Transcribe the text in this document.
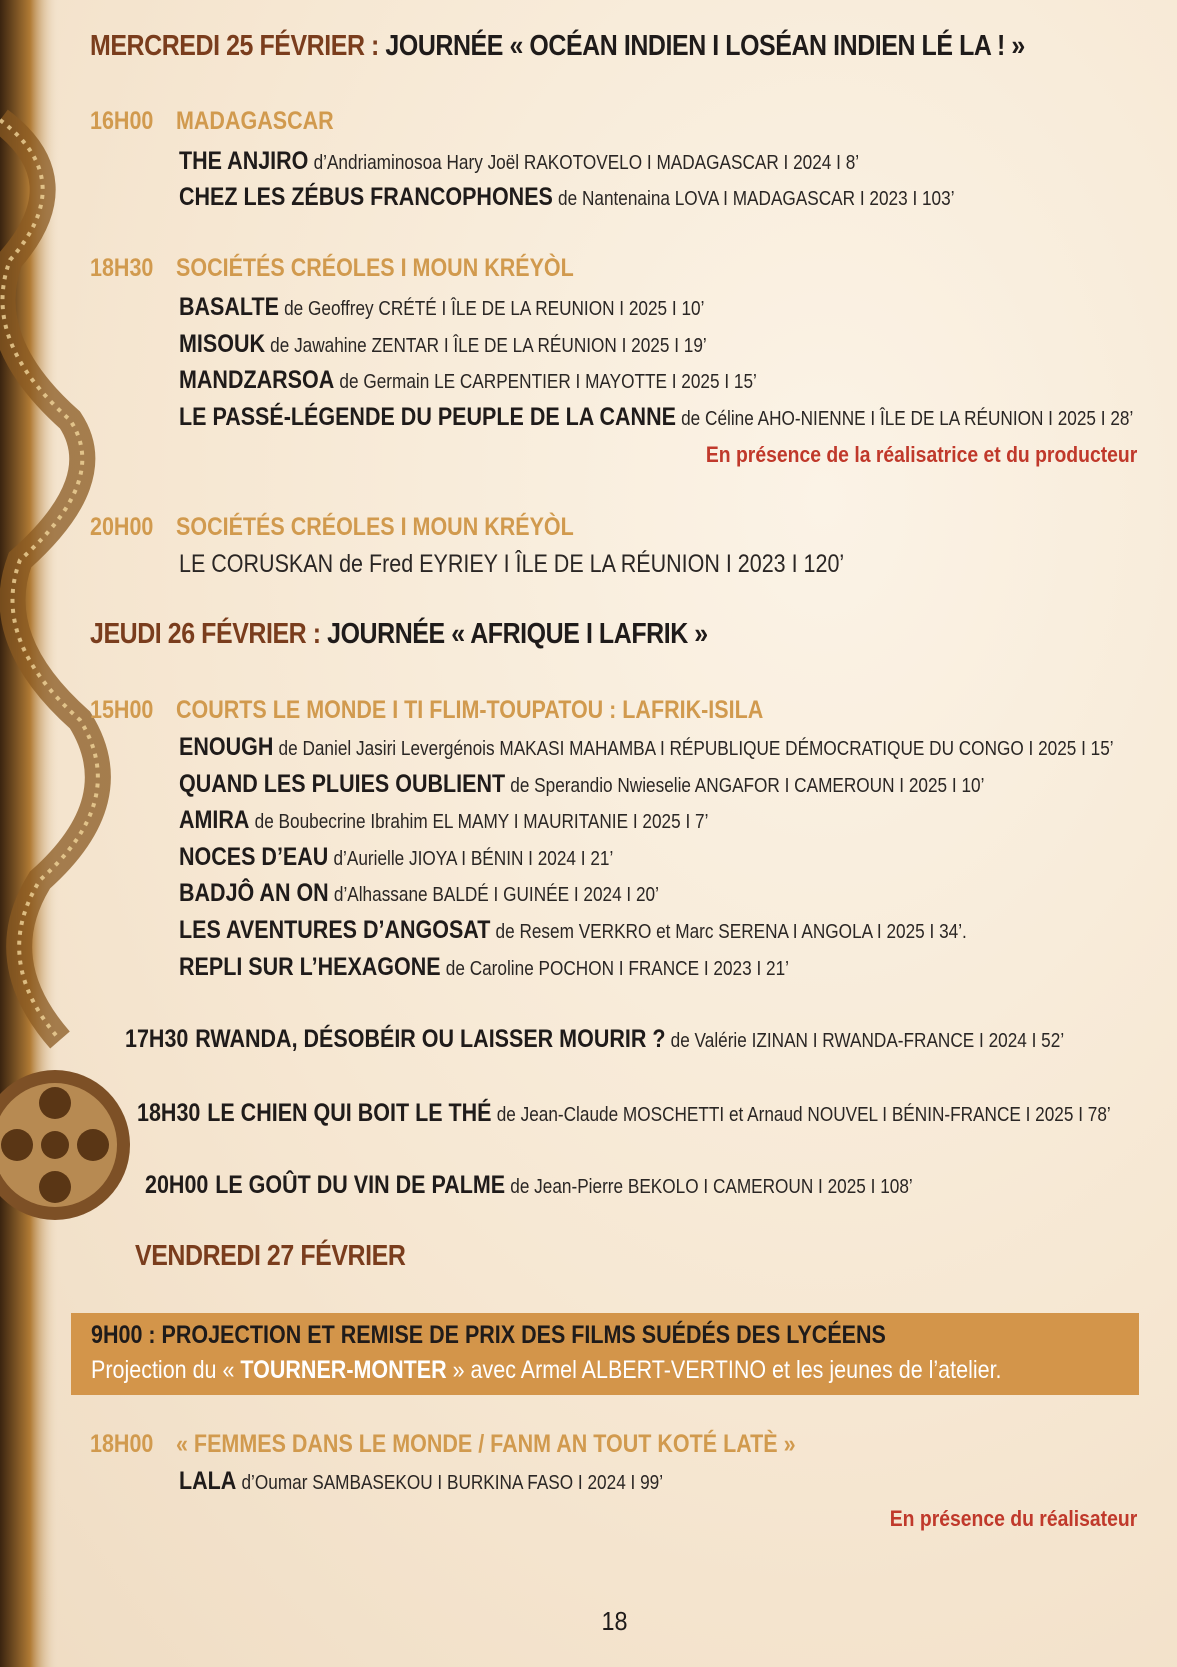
MERCREDI 25 FÉVRIER : JOURNÉE « OCÉAN INDIEN I LOSÉAN INDIEN LÉ LA ! »
16H00 MADAGASCAR
THE ANJIRO d’Andriaminosoa Hary Joël RAKOTOVELO I MADAGASCAR I 2024 I 8’
CHEZ LES ZÉBUS FRANCOPHONES de Nantenaina LOVA I MADAGASCAR I 2023 I 103’
18H30 SOCIÉTÉS CRÉOLES I MOUN KRÉYÒL
BASALTE de Geoffrey CRÉTÉ I ÎLE DE LA REUNION I 2025 I 10’
MISOUK de Jawahine ZENTAR I ÎLE DE LA RÉUNION I 2025 I 19’
MANDZARSOA de Germain LE CARPENTIER I MAYOTTE I 2025 I 15’
LE PASSÉ-LÉGENDE DU PEUPLE DE LA CANNE de Céline AHO-NIENNE I ÎLE DE LA RÉUNION I 2025 I 28’
En présence de la réalisatrice et du producteur
20H00 SOCIÉTÉS CRÉOLES I MOUN KRÉYÒL
LE CORUSKAN de Fred EYRIEY I ÎLE DE LA RÉUNION I 2023 I 120’
JEUDI 26 FÉVRIER : JOURNÉE « AFRIQUE I LAFRIK »
15H00 COURTS LE MONDE I TI FLIM-TOUPATOU : LAFRIK-ISILA
ENOUGH de Daniel Jasiri Levergénois MAKASI MAHAMBA I RÉPUBLIQUE DÉMOCRATIQUE DU CONGO I 2025 I 15’
QUAND LES PLUIES OUBLIENT de Sperandio Nwieselie ANGAFOR I CAMEROUN I 2025 I 10’
AMIRA de Boubecrine Ibrahim EL MAMY I MAURITANIE I 2025 I 7’
NOCES D’EAU d’Aurielle JIOYA I BÉNIN I 2024 I 21’
BADJÔ AN ON d’Alhassane BALDÉ I GUINÉE I 2024 I 20’
LES AVENTURES D’ANGOSAT de Resem VERKRO et Marc SERENA I ANGOLA I 2025 I 34’.
REPLI SUR L’HEXAGONE de Caroline POCHON I FRANCE I 2023 I 21’
17H30 RWANDA, DÉSOBÉIR OU LAISSER MOURIR ? de Valérie IZINAN I RWANDA-FRANCE I 2024 I 52’
18H30 LE CHIEN QUI BOIT LE THÉ de Jean-Claude MOSCHETTI et Arnaud NOUVEL I BÉNIN-FRANCE I 2025 I 78’
20H00 LE GOÛT DU VIN DE PALME de Jean-Pierre BEKOLO I CAMEROUN I 2025 I 108’
VENDREDI 27 FÉVRIER
9H00 : PROJECTION ET REMISE DE PRIX DES FILMS SUÉDÉS DES LYCÉENS
Projection du « TOURNER-MONTER » avec Armel ALBERT-VERTINO et les jeunes de l’atelier.
18H00 « FEMMES DANS LE MONDE / FANM AN TOUT KOTÉ LATÈ »
LALA d’Oumar SAMBASEKOU I BURKINA FASO I 2024 I 99’
En présence du réalisateur
18
